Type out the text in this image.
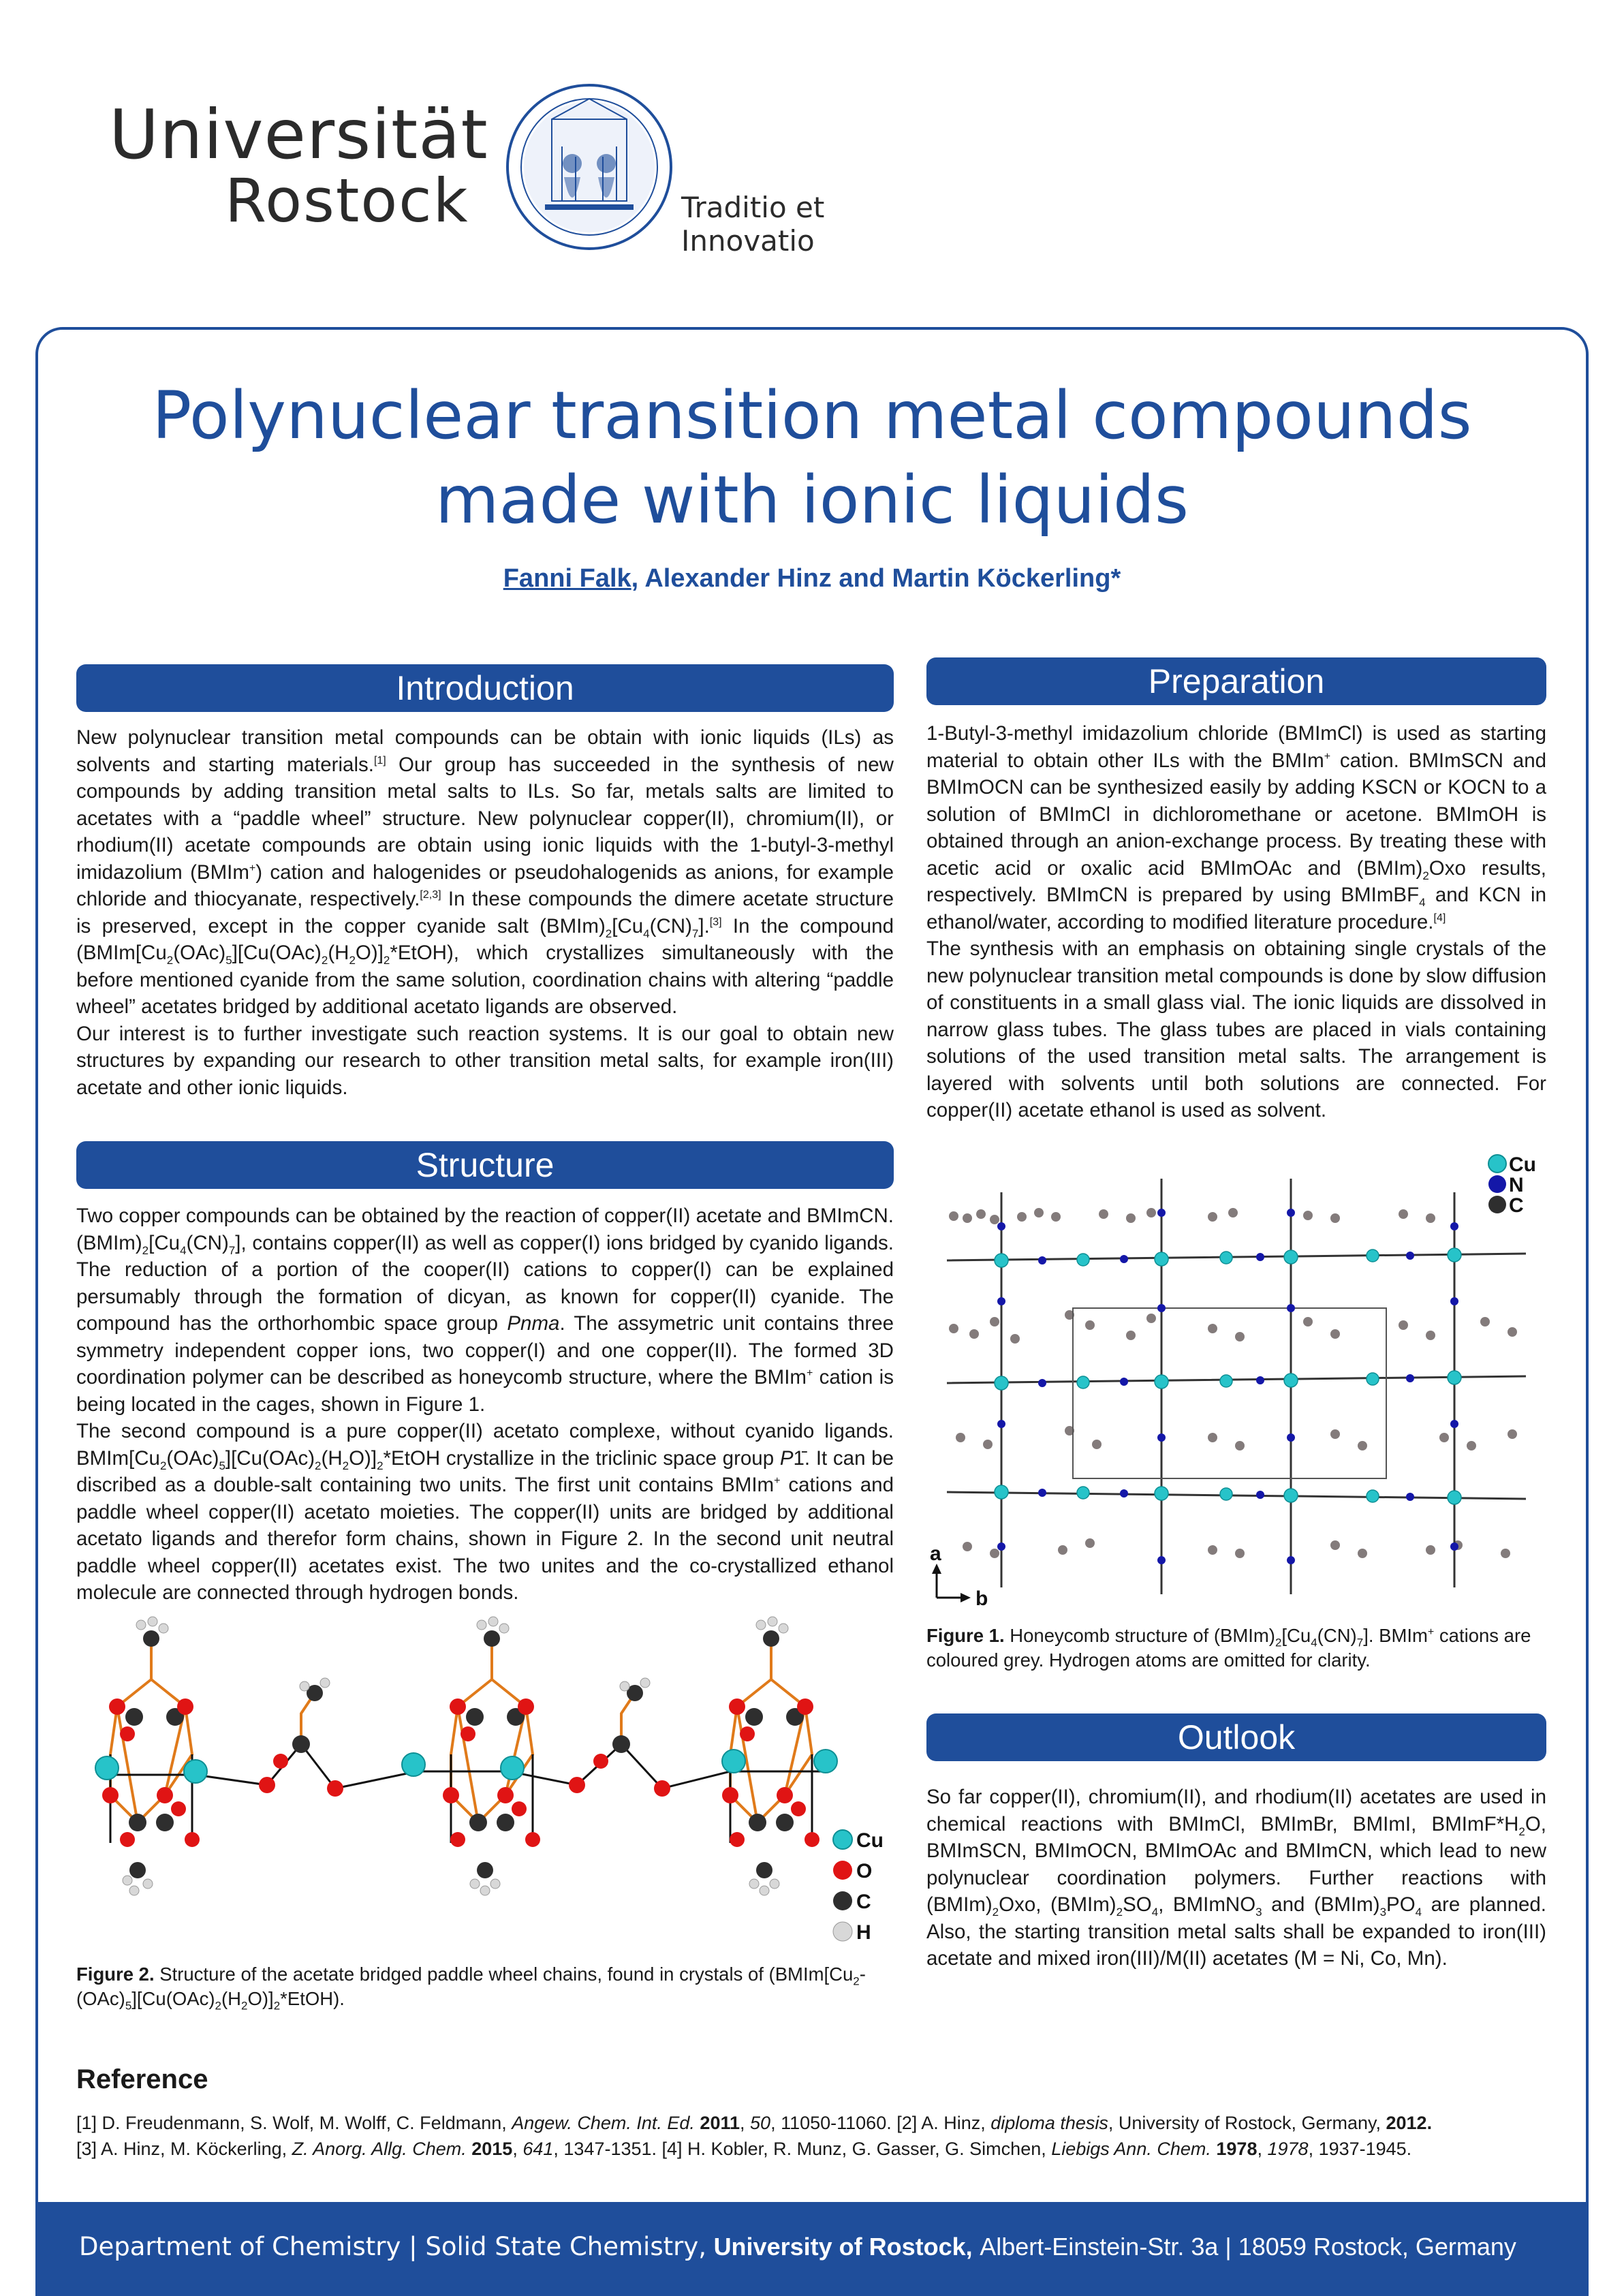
Universität
Rostock	Traditio et Innovatio
Polynuclear transition metal compounds
made with ionic liquids
Fanni Falk, Alexander Hinz and Martin Köckerling*
Introduction

New polynuclear transition metal compounds can be obtain with ionic liquids (ILs) as solvents and starting materials.[1] Our group has succeeded in the synthesis of new compounds by adding transition metal salts to ILs. So far, metals salts are limited to acetates with a “paddle wheel” structure. New polynuclear copper(II), chromium(II), or rhodium(II) acetate compounds are obtain using ionic liquids with the 1-butyl-3-methyl imidazolium (BMIm+) cation and halogenides or pseudohalogenids as anions, for example chloride and thiocyanate, respectively.[2,3] In these compounds the dimere acetate structure is preserved, except in the copper cyanide salt $(BMIm)_2[Cu_4(CN)_7].[3]$ In the compound $(BMIm[Cu_2(OAc)_5][Cu(OAc)_2(H_2O)]_2*EtOH)$, which crystallizes simultaneously with the before mentioned cyanide from the same solution, coordination chains with altering “paddle wheel” acetates bridged by additional acetato ligands are observed.

Our interest is to further investigate such reaction systems. It is our goal to obtain new structures by expanding our research to other transition metal salts, for example iron(III) acetate and other ionic liquids.

Structure

Two copper compounds can be obtained by the reaction of copper(II) acetate and BMImCN. $(BMIm)_2[Cu_4(CN)_7]$, contains copper(II) as well as copper(I) ions bridged by cyanido ligands. The reduction of a portion of the cooper(II) cations to copper(I) can be explained persumably through the formation of dicyan, as known for copper(II) cyanide. The compound has the orthorhombic space group Pnma. The assymetric unit contains three symmetry independent copper ions, two copper(I) and one copper(II). The formed 3D coordination polymer can be described as honeycomb structure, where the BMIm+ cation is being located in the cages, shown in Figure 1.

The second compound is a pure copper(II) acetato complexe, without cyanido ligands. $BMIm[Cu_2(OAc)_5][Cu(OAc)_2(H_2O)]_2*EtOH$ crystallize in the triclinic space group P1̄. It can be discribed as a double-salt containing two units. The first unit contains BMIm+ cations and paddle wheel copper(II) acetato moieties. The copper(II) units are bridged by additional acetato ligands and therefor form chains, shown in Figure 2. In the second unit neutral paddle wheel copper(II) acetates exist. The two unites and the co-crystallized ethanol molecule are connected through hydrogen bonds.

Cu
O
C
H
Figure 2. Structure of the acetate bridged paddle wheel chains, found in crystals of $(BMIm[Cu_2-(OAc)_5][Cu(OAc)_2(H_2O)]_2*EtOH)$.
Preparation

1-Butyl-3-methyl imidazolium chloride (BMImCl) is used as starting material to obtain other ILs with the BMIm+ cation. BMImSCN and BMImOCN can be synthesized easily by adding KSCN or KOCN to a solution of BMImCl in dichloromethane or acetone. BMImOH is obtained through an anion-exchange process. By treating these with acetic acid or oxalic acid BMImOAc and $(BMIm)_2Oxo$ results, respectively. BMImCN is prepared by using BMImBF$_4$ and KCN in ethanol/water, according to modified literature procedure.[4]

The synthesis with an emphasis on obtaining single crystals of the new polynuclear transition metal compounds is done by slow diffusion of constituents in a small glass vial. The ionic liquids are dissolved in narrow glass tubes. The glass tubes are placed in vials containing solutions of the used transition metal salts. The arrangement is layered with solvents until both solutions are connected. For copper(II) acetate ethanol is used as solvent.

a
b
Cu
N
C
Figure 1. Honeycomb structure of $(BMIm)_2[Cu_4(CN)_7]$. BMIm+ cations are coloured grey. Hydrogen atoms are omitted for clarity.
Outlook

So far copper(II), chromium(II), and rhodium(II) acetates are used in chemical reactions with BMImCl, BMImBr, BMImI, $BMImF*H_2O$, BMImSCN, BMImOCN, BMImOAc and BMImCN, which lead to new polynuclear coordination polymers. Further reactions with $(BMIm)_2Oxo$, $(BMIm)_2SO_4$, BMImNO$_3$ and $(BMIm)_3PO_4$ are planned. Also, the starting transition metal salts shall be expanded to iron(III) acetate and mixed iron(III)/M(II) acetates (M = Ni, Co, Mn).

Reference
[1] D. Freudenmann, S. Wolf, M. Wolff, C. Feldmann, Angew. Chem. Int. Ed. 2011, 50, 11050-11060. [2] A. Hinz, diploma thesis, University of Rostock, Germany, 2012.
[3] A. Hinz, M. Köckerling, Z. Anorg. Allg. Chem. 2015, 641, 1347-1351. [4] H. Kobler, R. Munz, G. Gasser, G. Simchen, Liebigs Ann. Chem. 1978, 1978, 1937-1945.
Department of Chemistry | Solid State Chemistry, University of Rostock, Albert-Einstein-Str. 3a | 18059 Rostock, Germany
